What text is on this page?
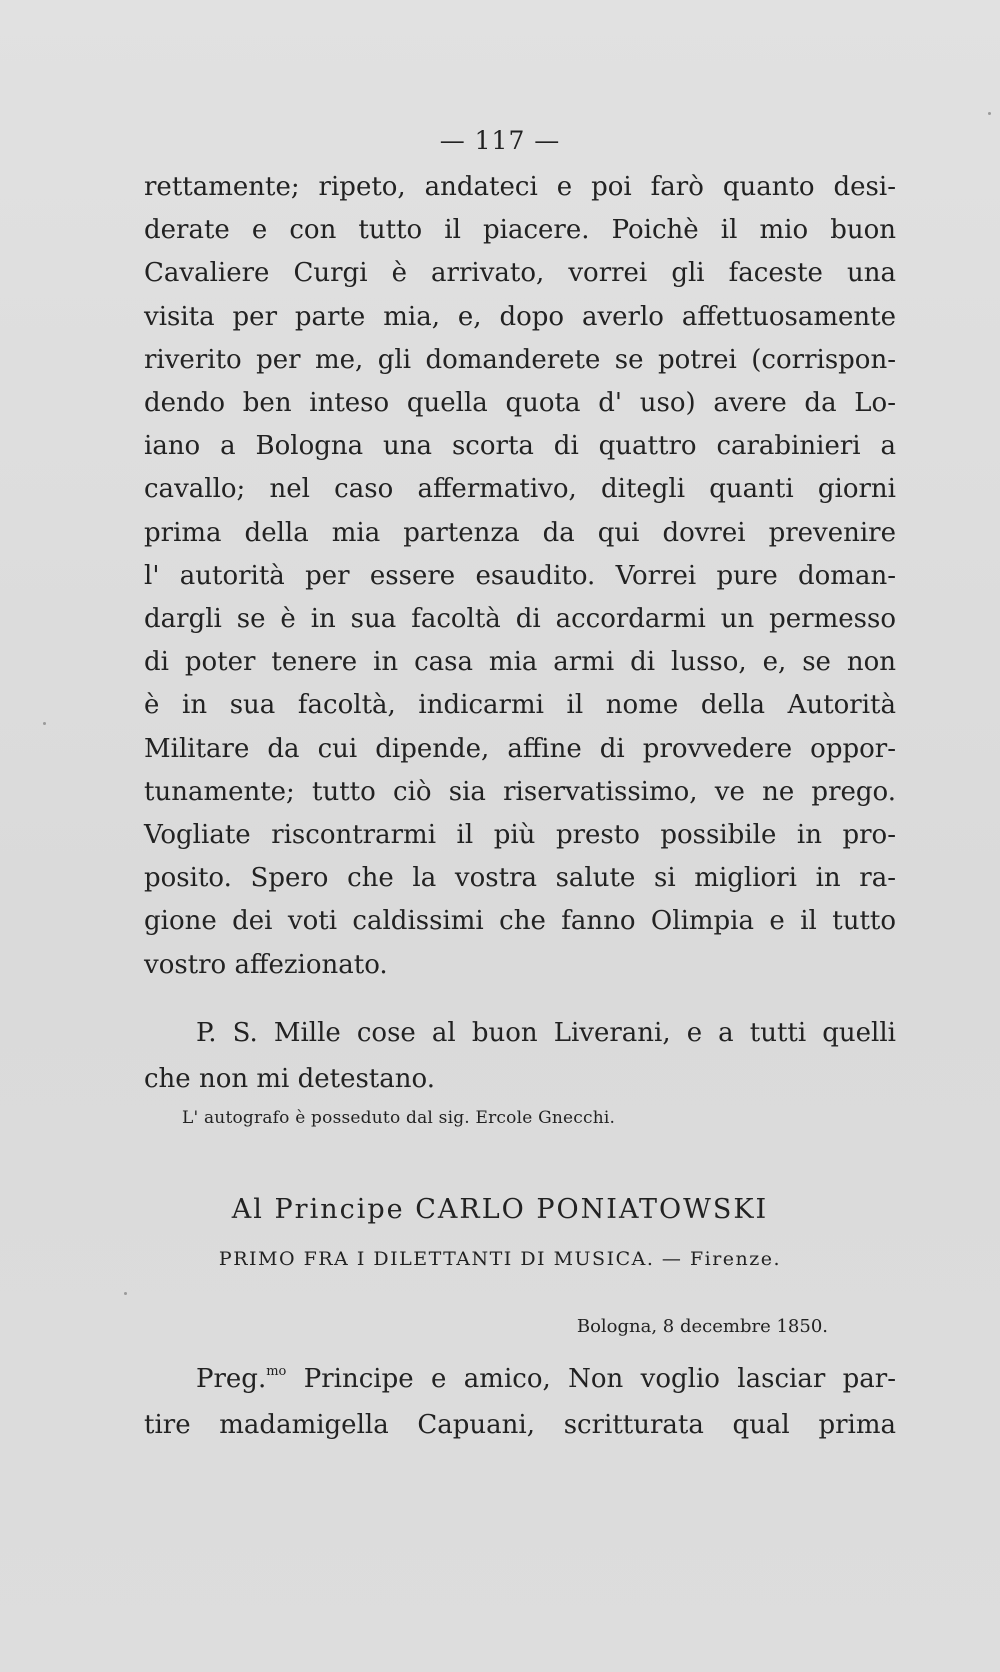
— 117 —
rettamente; ripeto, andateci e poi farò quanto desi-
derate e con tutto il piacere. Poichè il mio buon
Cavaliere Curgi è arrivato, vorrei gli faceste una
visita per parte mia, e, dopo averlo affettuosamente
riverito per me, gli domanderete se potrei (corrispon-
dendo ben inteso quella quota d' uso) avere da Lo-
iano a Bologna una scorta di quattro carabinieri a
cavallo; nel caso affermativo, ditegli quanti giorni
prima della mia partenza da qui dovrei prevenire
l' autorità per essere esaudito. Vorrei pure doman-
dargli se è in sua facoltà di accordarmi un permesso
di poter tenere in casa mia armi di lusso, e, se non
è in sua facoltà, indicarmi il nome della Autorità
Militare da cui dipende, affine di provvedere oppor-
tunamente; tutto ciò sia riservatissimo, ve ne prego.
Vogliate riscontrarmi il più presto possibile in pro-
posito. Spero che la vostra salute si migliori in ra-
gione dei voti caldissimi che fanno Olimpia e il tutto
vostro affezionato.
P. S. Mille cose al buon Liverani, e a tutti quelli
che non mi detestano.
L' autografo è posseduto dal sig. Ercole Gnecchi.
Al Principe CARLO PONIATOWSKI
PRIMO FRA I DILETTANTI DI MUSICA. — Firenze.
Bologna, 8 decembre 1850.
Preg.$^{mo}$ Principe e amico, Non voglio lasciar par-
tire madamigella Capuani, scritturata qual prima
